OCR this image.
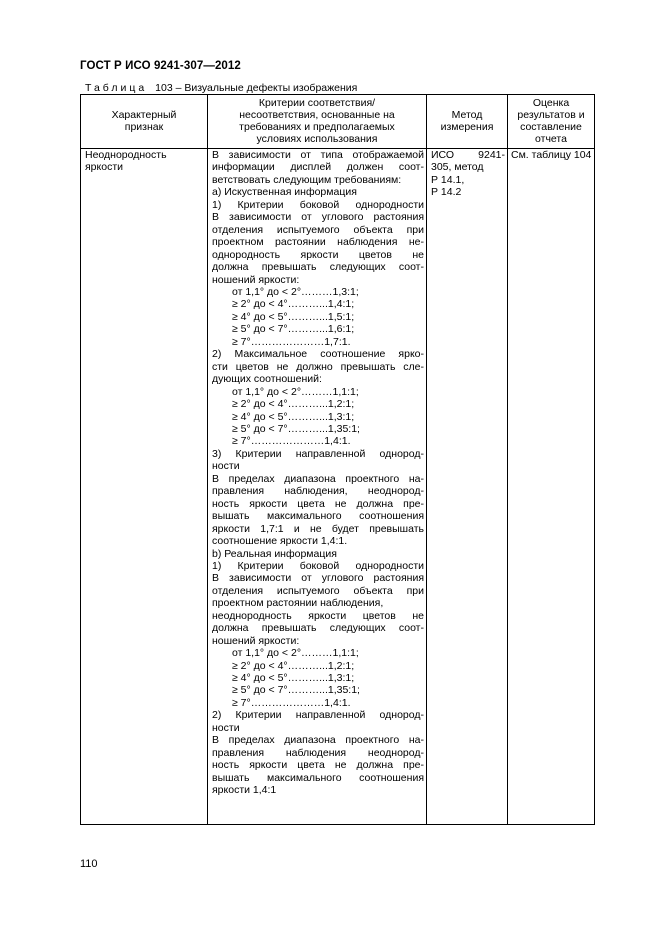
ГОСТ Р ИСО 9241-307—2012
Таблица 103 – Визуальные дефекты изображения
Характерный признак
Критерии соответствия/несоответствия, основанные на требованиях и предполагаемых условиях использования
Метод измерения
Оценка результатов и составление отчета
Неоднородность яркости

В зависимости от типа отображаемой

информации дисплей должен соот-

ветствовать следующим требованиям:

a) Искуственная информация

1) Критерии боковой однородности

В зависимости от углового растояния

отделения испытуемого объекта при

проектном растоянии наблюдения не-

однородность яркости цветов не

должна превышать следующих соот-

ношений яркости:

от 1,1° до < 2°………1,3:1;

≥ 2° до < 4°………...1,4:1;

≥ 4° до < 5°………...1,5:1;

≥ 5° до < 7°………...1,6:1;

≥ 7°…………………1,7:1.

2) Максимальное соотношение ярко-

сти цветов не должно превышать сле-

дующих соотношений:

от 1,1° до < 2°………1,1:1;

≥ 2° до < 4°………...1,2:1;

≥ 4° до < 5°………...1,3:1;

≥ 5° до < 7°………...1,35:1;

≥ 7°…………………1,4:1.

3) Критерии направленной однород-

ности

В пределах диапазона проектного на-

правления наблюдения, неоднород-

ность яркости цвета не должна пре-

вышать максимального соотношения

яркости 1,7:1 и не будет превышать

соотношение яркости 1,4:1.

b) Реальная информация

1) Критерии боковой однородности

В зависимости от углового растояния

отделения испытуемого объекта при

проектном растоянии наблюдения,

неоднородность яркости цветов не

должна превышать следующих соот-

ношений яркости:

от 1,1° до < 2°………1,1:1;

≥ 2° до < 4°………...1,2:1;

≥ 4° до < 5°………...1,3:1;

≥ 5° до < 7°………...1,35:1;

≥ 7°…………………1,4:1.

2) Критерии направленной однород-

ности

В пределах диапазона проектного на-

правления наблюдения неоднород-

ность яркости цвета не должна пре-

вышать максимального соотношения

яркости 1,4:1

ИСО 9241-
305, метод
Р 14.1,
Р 14.2
См. таблицу 104
110
